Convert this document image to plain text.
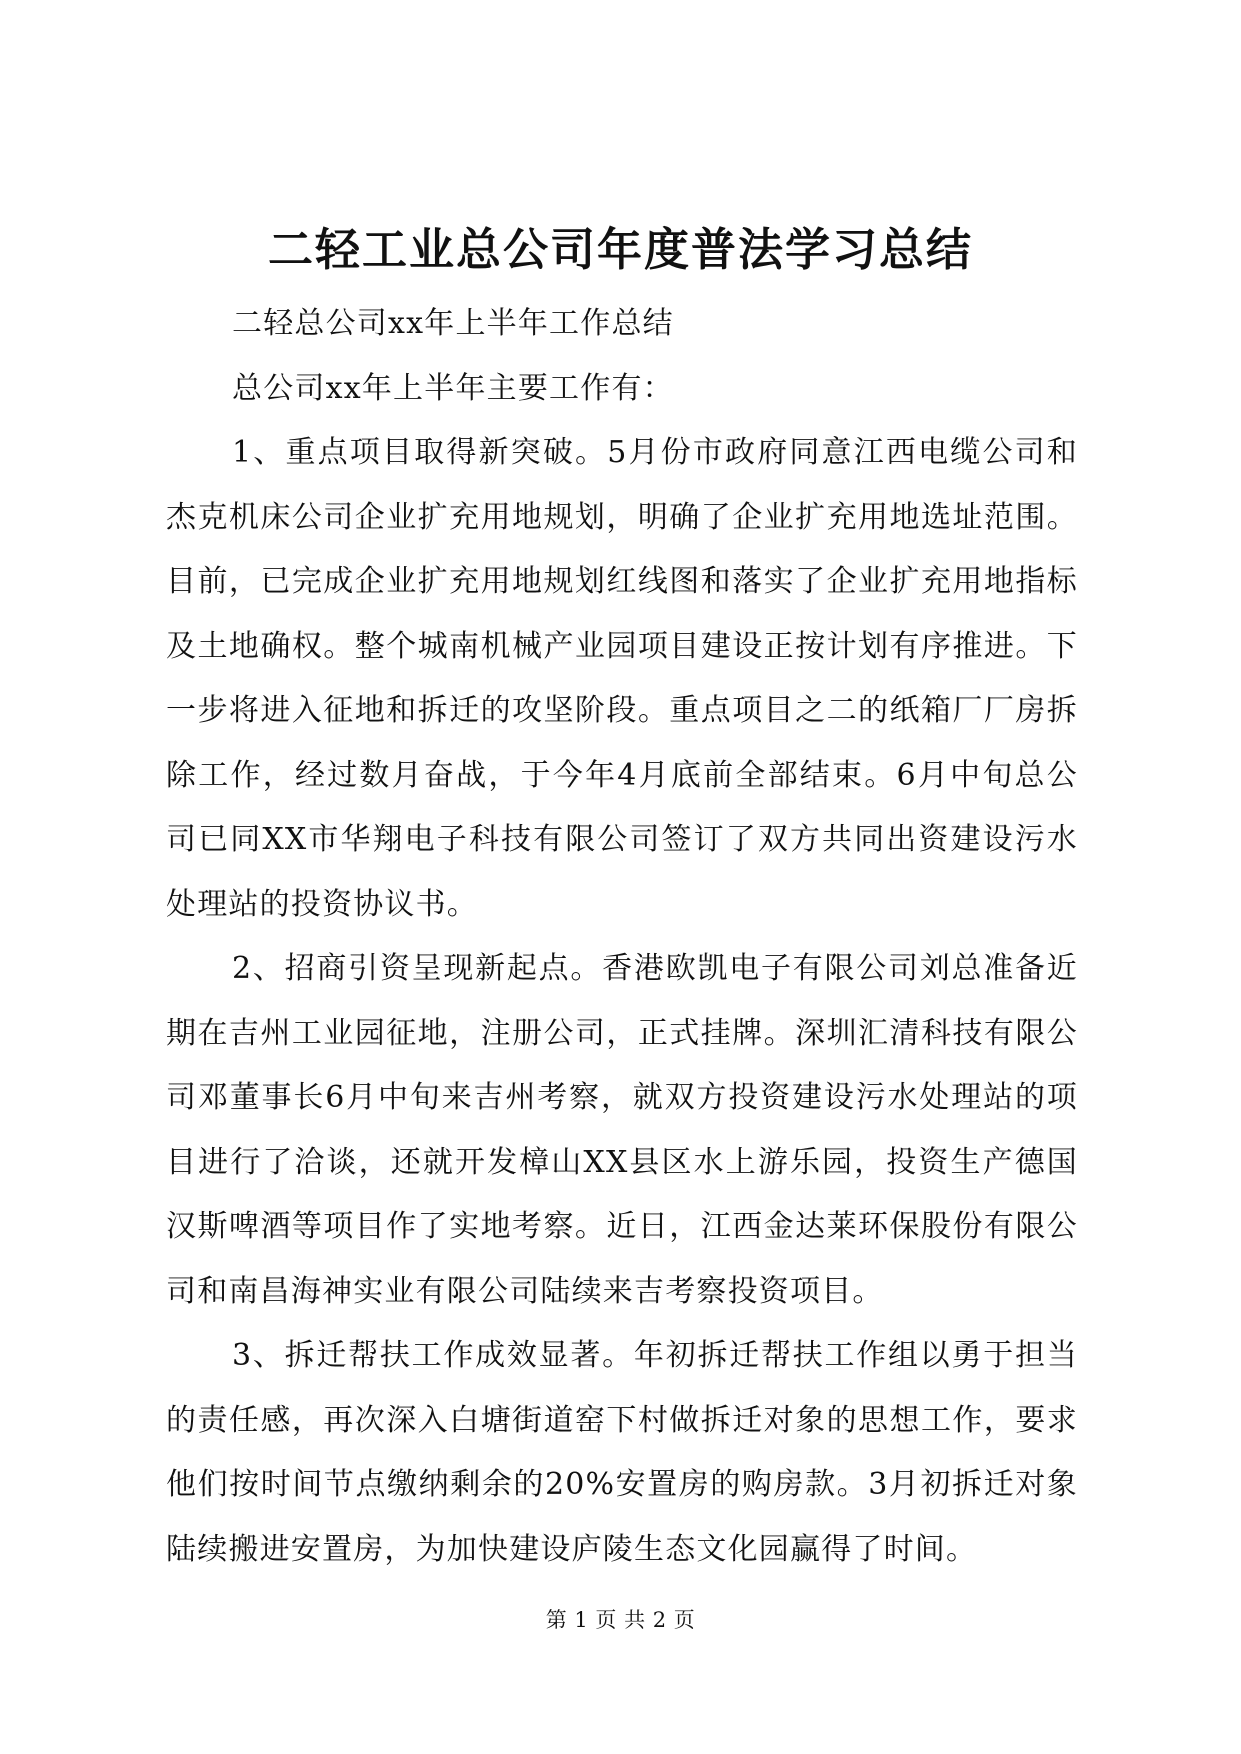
二轻工业总公司年度普法学习总结

二轻总公司xx年上半年工作总结

总公司xx年上半年主要工作有：

1、重点项目取得新突破。5月份市政府同意江西电缆公司和杰克机床公司企业扩充用地规划，明确了企业扩充用地选址范围。目前，已完成企业扩充用地规划红线图和落实了企业扩充用地指标及土地确权。整个城南机械产业园项目建设正按计划有序推进。下一步将进入征地和拆迁的攻坚阶段。重点项目之二的纸箱厂厂房拆除工作，经过数月奋战，于今年4月底前全部结束。6月中旬总公司已同XX市华翔电子科技有限公司签订了双方共同出资建设污水处理站的投资协议书。

2、招商引资呈现新起点。香港欧凯电子有限公司刘总准备近期在吉州工业园征地，注册公司，正式挂牌。深圳汇清科技有限公司邓董事长6月中旬来吉州考察，就双方投资建设污水处理站的项目进行了洽谈，还就开发樟山XX县区水上游乐园，投资生产德国汉斯啤酒等项目作了实地考察。近日，江西金达莱环保股份有限公司和南昌海神实业有限公司陆续来吉考察投资项目。

3、拆迁帮扶工作成效显著。年初拆迁帮扶工作组以勇于担当的责任感，再次深入白塘街道窑下村做拆迁对象的思想工作，要求他们按时间节点缴纳剩余的20%安置房的购房款。3月初拆迁对象陆续搬进安置房，为加快建设庐陵生态文化园赢得了时间。

第 1 页 共 2 页
